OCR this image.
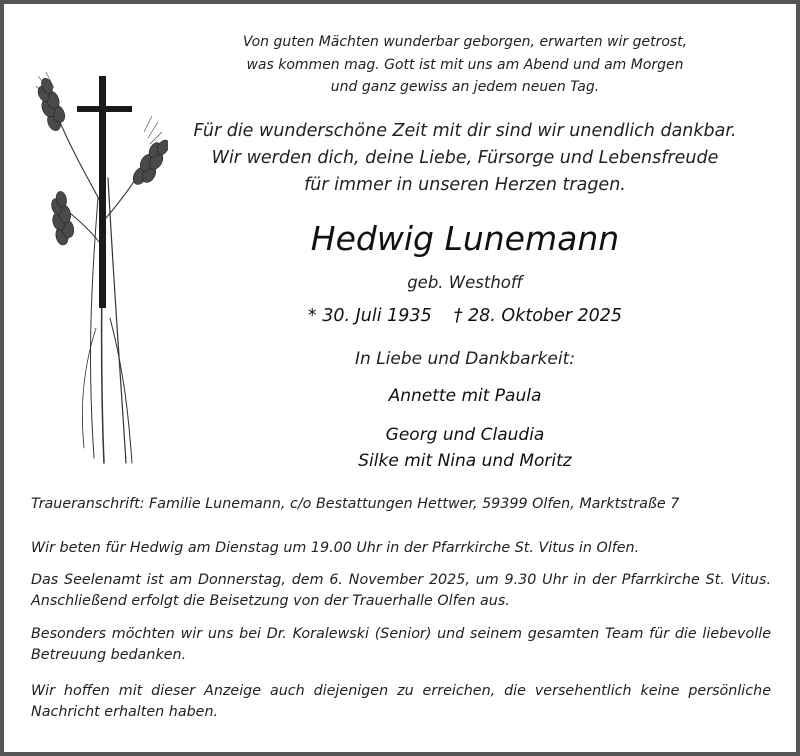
Von guten Mächten wunderbar geborgen, erwarten wir getrost,
was kommen mag. Gott ist mit uns am Abend und am Morgen
und ganz gewiss an jedem neuen Tag.
Für die wunderschöne Zeit mit dir sind wir unendlich dankbar.
Wir werden dich, deine Liebe, Fürsorge und Lebensfreude
für immer in unseren Herzen tragen.
Hedwig Lunemann
geb. Westhoff
* 30. Juli 1935 † 28. Oktober 2025
In Liebe und Dankbarkeit:
Annette mit Paula
Georg und Claudia
Silke mit Nina und Moritz
Traueranschrift: Familie Lunemann, c/o Bestattungen Hettwer, 59399 Olfen, Marktstraße 7
Wir beten für Hedwig am Dienstag um 19.00 Uhr in der Pfarrkirche St. Vitus in Olfen.
Das Seelenamt ist am Donnerstag, dem 6. November 2025, um 9.30 Uhr in der Pfarrkirche St. Vitus. Anschließend erfolgt die Beisetzung von der Trauerhalle Olfen aus.
Besonders möchten wir uns bei Dr. Koralewski (Senior) und seinem gesamten Team für die liebevolle Betreuung bedanken.
Wir hoffen mit dieser Anzeige auch diejenigen zu erreichen, die versehentlich keine persönliche Nachricht erhalten haben.
